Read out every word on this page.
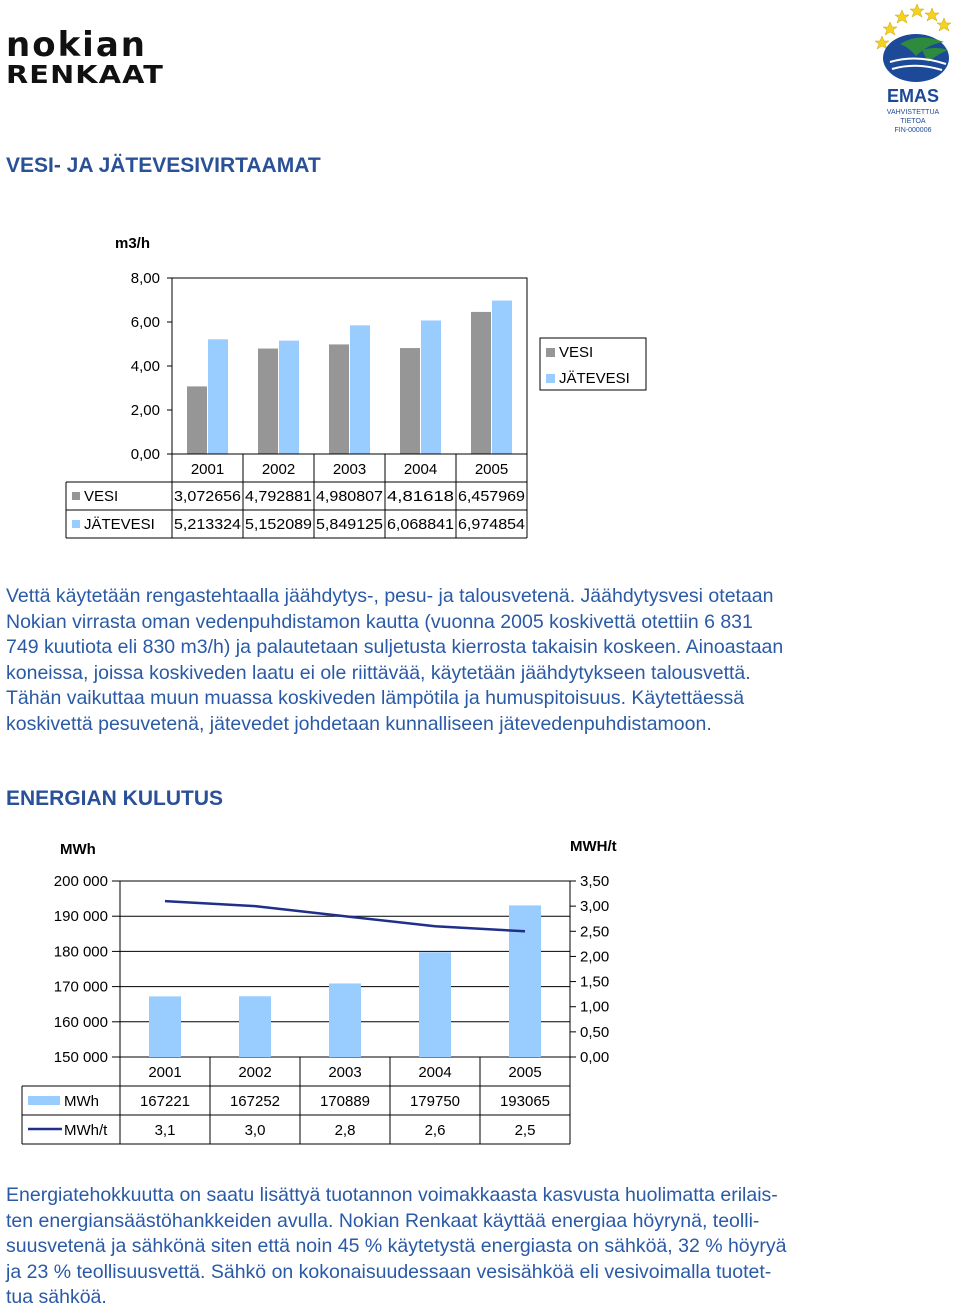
nokian
RENKAAT
EMAS
VAHVISTETTUA
TIETOA
FIN-000006
VESI- JA JÄTEVESIVIRTAAMAT
m3/h
8,00
6,00
4,00
2,00
0,00
2001	2002	2003	2004	2005
VESI	3,072656 4,792881 4,980807 4,81618 6,457969
JÄTEVESI 5,213324 5,152089 5,849125 6,068841 6,974854
VESI
JÄTEVESI
Vettä käytetään rengastehtaalla jäähdytys-, pesu- ja talousvetenä. Jäähdytysvesi otetaan
Nokian virrasta oman vedenpuhdistamon kautta (vuonna 2005 koskivettä otettiin 6 831
749 kuutiota eli 830 m3/h) ja palautetaan suljetusta kierrosta takaisin koskeen. Ainoastaan
koneissa, joissa koskiveden laatu ei ole riittävää, käytetään jäähdytykseen talousvettä.
Tähän vaikuttaa muun muassa koskiveden lämpötila ja humuspitoisuus. Käytettäessä
koskivettä pesuvetenä, jätevedet johdetaan kunnalliseen jätevedenpuhdistamoon.
ENERGIAN KULUTUS
MWh	MWH/t
200 000
190 000
180 000
170 000
160 000
150 000
3,50
3,00
2,50
2,00
1,50
1,00
0,50
0,00
2001	2002	2003	2004	2005
MWh	167221	167252	170889	179750	193065
MWh/t	3,1	3,0	2,8	2,6	2,5
Energiatehokkuutta on saatu lisättyä tuotannon voimakkaasta kasvusta huolimatta erilais-
ten energiansäästöhankkeiden avulla. Nokian Renkaat käyttää energiaa höyrynä, teolli-
suusvetenä ja sähkönä siten että noin 45 % käytetystä energiasta on sähköä, 32 % höyryä
ja 23 % teollisuusvettä. Sähkö on kokonaisuudessaan vesisähköä eli vesivoimalla tuotet-
tua sähköä.
